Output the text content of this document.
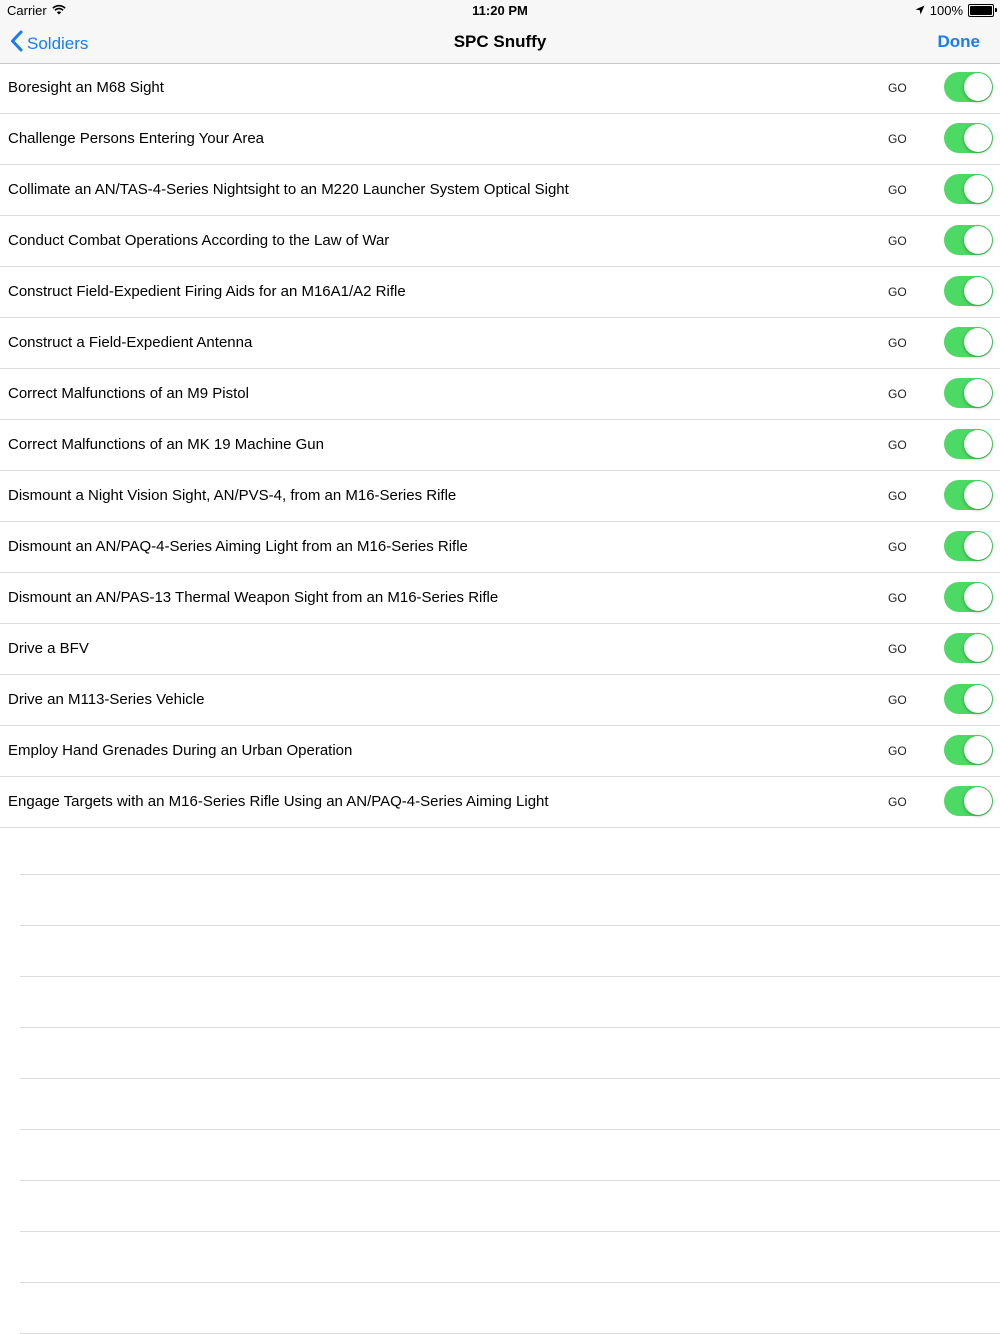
Carrier	11:20 PM	100%
Soldiers	SPC Snuffy	Done
Boresight an M68 Sight	GO
Challenge Persons Entering Your Area	GO
Collimate an AN/TAS-4-Series Nightsight to an M220 Launcher System Optical Sight	GO
Conduct Combat Operations According to the Law of War	GO
Construct Field-Expedient Firing Aids for an M16A1/A2 Rifle	GO
Construct a Field-Expedient Antenna	GO
Correct Malfunctions of an M9 Pistol	GO
Correct Malfunctions of an MK 19 Machine Gun	GO
Dismount a Night Vision Sight, AN/PVS-4, from an M16-Series Rifle	GO
Dismount an AN/PAQ-4-Series Aiming Light from an M16-Series Rifle	GO
Dismount an AN/PAS-13 Thermal Weapon Sight from an M16-Series Rifle	GO
Drive a BFV	GO
Drive an M113-Series Vehicle	GO
Employ Hand Grenades During an Urban Operation	GO
Engage Targets with an M16-Series Rifle Using an AN/PAQ-4-Series Aiming Light	GO
